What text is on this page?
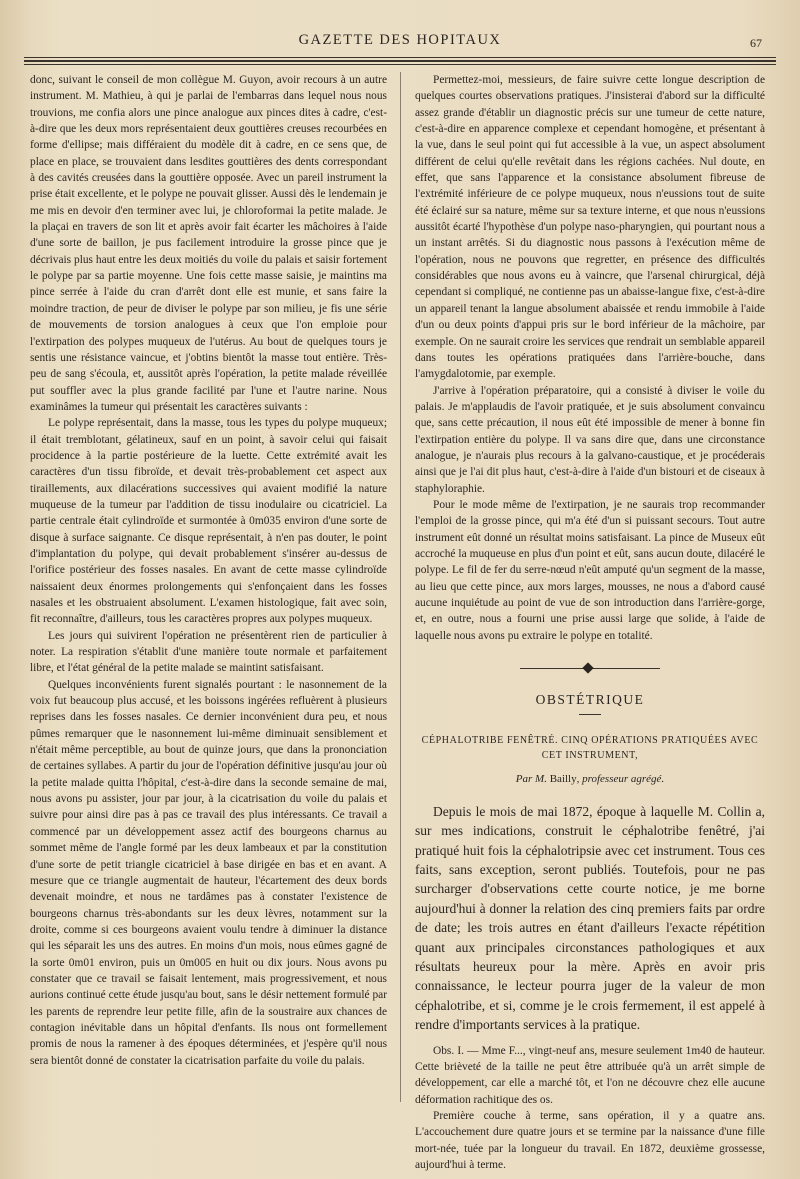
GAZETTE DES HOPITAUX	67

donc, suivant le conseil de mon collègue M. Guyon, avoir recours à un autre instrument. M. Mathieu, à qui je parlai de l'embarras dans lequel nous nous trouvions, me confia alors une pince analogue aux pinces dites à cadre, c'est-à-dire que les deux mors représentaient deux gouttières creuses recourbées en forme d'ellipse; mais différaient du modèle dit à cadre, en ce sens que, de place en place, se trouvaient dans lesdites gouttières des dents correspondant à des cavités creusées dans la gouttière opposée. Avec un pareil instrument la prise était excellente, et le polype ne pouvait glisser. Aussi dès le lendemain je me mis en devoir d'en terminer avec lui, je chloroformai la petite malade. Je la plaçai en travers de son lit et après avoir fait écarter les mâchoires à l'aide d'une sorte de baillon, je pus facilement introduire la grosse pince que je décrivais plus haut entre les deux moitiés du voile du palais et saisir fortement le polype par sa partie moyenne. Une fois cette masse saisie, je maintins ma pince serrée à l'aide du cran d'arrêt dont elle est munie, et sans faire la moindre traction, de peur de diviser le polype par son milieu, je fis une série de mouvements de torsion analogues à ceux que l'on emploie pour l'extirpation des polypes muqueux de l'utérus. Au bout de quelques tours je sentis une résistance vaincue, et j'obtins bientôt la masse tout entière. Très-peu de sang s'écoula, et, aussitôt après l'opération, la petite malade réveillée put souffler avec la plus grande facilité par l'une et l'autre narine. Nous examinâmes la tumeur qui présentait les caractères suivants :

Le polype représentait, dans la masse, tous les types du polype muqueux; il était tremblotant, gélatineux, sauf en un point, à savoir celui qui faisait procidence à la partie postérieure de la luette. Cette extrémité avait les caractères d'un tissu fibroïde, et devait très-probablement cet aspect aux tiraillements, aux dilacérations successives qui avaient modifié la nature muqueuse de la tumeur par l'addition de tissu inodulaire ou cicatriciel. La partie centrale était cylindroïde et surmontée à 0m035 environ d'une sorte de disque à surface saignante. Ce disque représentait, à n'en pas douter, le point d'implantation du polype, qui devait probablement s'insérer au-dessus de l'orifice postérieur des fosses nasales. En avant de cette masse cylindroïde naissaient deux énormes prolongements qui s'enfonçaient dans les fosses nasales et les obstruaient absolument. L'examen histologique, fait avec soin, fit reconnaître, d'ailleurs, tous les caractères propres aux polypes muqueux.

Les jours qui suivirent l'opération ne présentèrent rien de particulier à noter. La respiration s'établit d'une manière toute normale et parfaitement libre, et l'état général de la petite malade se maintint satisfaisant.

Quelques inconvénients furent signalés pourtant : le nasonnement de la voix fut beaucoup plus accusé, et les boissons ingérées refluèrent à plusieurs reprises dans les fosses nasales. Ce dernier inconvénient dura peu, et nous pûmes remarquer que le nasonnement lui-même diminuait sensiblement et n'était même perceptible, au bout de quinze jours, que dans la prononciation de certaines syllabes. A partir du jour de l'opération définitive jusqu'au jour où la petite malade quitta l'hôpital, c'est-à-dire dans la seconde semaine de mai, nous avons pu assister, jour par jour, à la cicatrisation du voile du palais et suivre pour ainsi dire pas à pas ce travail des plus intéressants. Ce travail a commencé par un développement assez actif des bourgeons charnus au sommet même de l'angle formé par les deux lambeaux et par la constitution d'une sorte de petit triangle cicatriciel à base dirigée en bas et en avant. A mesure que ce triangle augmentait de hauteur, l'écartement des deux bords devenait moindre, et nous ne tardâmes pas à constater l'existence de bourgeons charnus très-abondants sur les deux lèvres, notamment sur la droite, comme si ces bourgeons avaient voulu tendre à diminuer la distance qui les séparait les uns des autres. En moins d'un mois, nous eûmes gagné de la sorte 0m01 environ, puis un 0m005 en huit ou dix jours. Nous avons pu constater que ce travail se faisait lentement, mais progressivement, et nous aurions continué cette étude jusqu'au bout, sans le désir nettement formulé par les parents de reprendre leur petite fille, afin de la soustraire aux chances de contagion inévitable dans un hôpital d'enfants. Ils nous ont formellement promis de nous la ramener à des époques déterminées, et j'espère qu'il nous sera bientôt donné de constater la cicatrisation parfaite du voile du palais.

Permettez-moi, messieurs, de faire suivre cette longue description de quelques courtes observations pratiques. J'insisterai d'abord sur la difficulté assez grande d'établir un diagnostic précis sur une tumeur de cette nature, c'est-à-dire en apparence complexe et cependant homogène, et présentant à la vue, dans le seul point qui fut accessible à la vue, un aspect absolument différent de celui qu'elle revêtait dans les régions cachées. Nul doute, en effet, que sans l'apparence et la consistance absolument fibreuse de l'extrémité inférieure de ce polype muqueux, nous n'eussions tout de suite été éclairé sur sa nature, même sur sa texture interne, et que nous n'eussions aussitôt écarté l'hypothèse d'un polype naso-pharyngien, qui pourtant nous a un instant arrêtés. Si du diagnostic nous passons à l'exécution même de l'opération, nous ne pouvons que regretter, en présence des difficultés considérables que nous avons eu à vaincre, que l'arsenal chirurgical, déjà cependant si compliqué, ne contienne pas un abaisse-langue fixe, c'est-à-dire un appareil tenant la langue absolument abaissée et rendu immobile à l'aide d'un ou deux points d'appui pris sur le bord inférieur de la mâchoire, par exemple. On ne saurait croire les services que rendrait un semblable appareil dans toutes les opérations pratiquées dans l'arrière-bouche, dans l'amygdalotomie, par exemple.

J'arrive à l'opération préparatoire, qui a consisté à diviser le voile du palais. Je m'applaudis de l'avoir pratiquée, et je suis absolument convaincu que, sans cette précaution, il nous eût été impossible de mener à bonne fin l'extirpation entière du polype. Il va sans dire que, dans une circonstance analogue, je n'aurais plus recours à la galvano-caustique, et je procéderais ainsi que je l'ai dit plus haut, c'est-à-dire à l'aide d'un bistouri et de ciseaux à staphyloraphie.

Pour le mode même de l'extirpation, je ne saurais trop recommander l'emploi de la grosse pince, qui m'a été d'un si puissant secours. Tout autre instrument eût donné un résultat moins satisfaisant. La pince de Museux eût accroché la muqueuse en plus d'un point et eût, sans aucun doute, dilacéré le polype. Le fil de fer du serre-nœud n'eût amputé qu'un segment de la masse, au lieu que cette pince, aux mors larges, mousses, ne nous a d'abord causé aucune inquiétude au point de vue de son introduction dans l'arrière-gorge, et, en outre, nous a fourni une prise aussi large que solide, à l'aide de laquelle nous avons pu extraire le polype en totalité.

OBSTÉTRIQUE
CÉPHALOTRIBE FENÊTRÉ. CINQ OPÉRATIONS PRATIQUÉES AVEC CET INSTRUMENT,
Par M. Bailly, professeur agrégé.

Depuis le mois de mai 1872, époque à laquelle M. Collin a, sur mes indications, construit le céphalotribe fenêtré, j'ai pratiqué huit fois la céphalotripsie avec cet instrument. Tous ces faits, sans exception, seront publiés. Toutefois, pour ne pas surcharger d'observations cette courte notice, je me borne aujourd'hui à donner la relation des cinq premiers faits par ordre de date; les trois autres en étant d'ailleurs l'exacte répétition quant aux principales circonstances pathologiques et aux résultats heureux pour la mère. Après en avoir pris connaissance, le lecteur pourra juger de la valeur de mon céphalotribe, et si, comme je le crois fermement, il est appelé à rendre d'importants services à la pratique.

Obs. I. — Mme F..., vingt-neuf ans, mesure seulement 1m40 de hauteur. Cette brièveté de la taille ne peut être attribuée qu'à un arrêt simple de développement, car elle a marché tôt, et l'on ne découvre chez elle aucune déformation rachitique des os.

Première couche à terme, sans opération, il y a quatre ans. L'accouchement dure quatre jours et se termine par la naissance d'une fille mort-née, tuée par la longueur du travail. En 1872, deuxième grossesse, aujourd'hui à terme.
